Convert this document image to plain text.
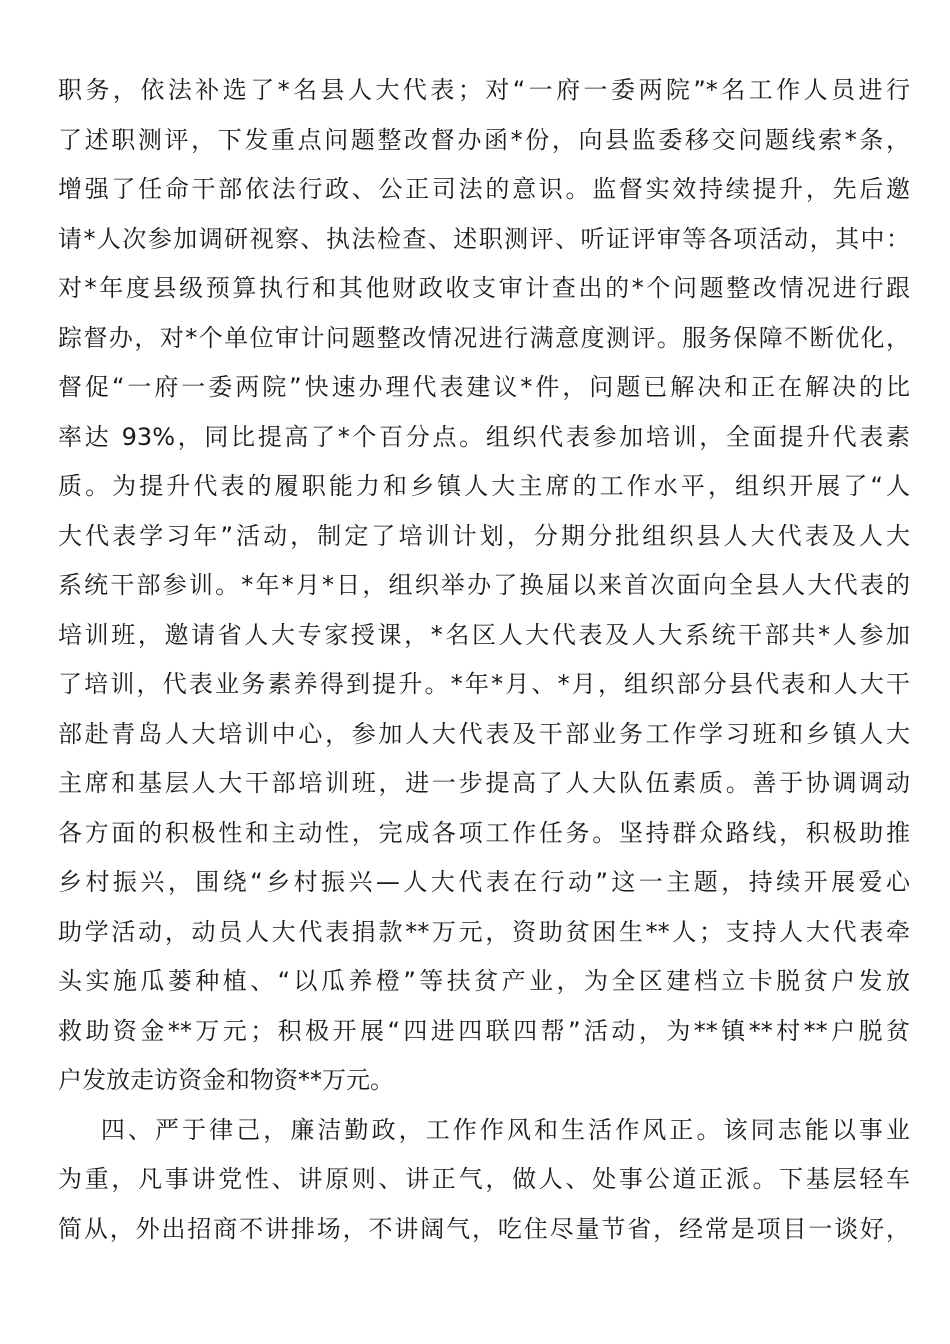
职务，依法补选了*名县人大代表；对“一府一委两院”*名工作人员进行
了述职测评，下发重点问题整改督办函*份，向县监委移交问题线索*条，
增强了任命干部依法行政、公正司法的意识。监督实效持续提升，先后邀
请*人次参加调研视察、执法检查、述职测评、听证评审等各项活动，其中：
对*年度县级预算执行和其他财政收支审计查出的*个问题整改情况进行跟
踪督办，对*个单位审计问题整改情况进行满意度测评。服务保障不断优化，
督促“一府一委两院”快速办理代表建议*件，问题已解决和正在解决的比
率达 93%，同比提高了*个百分点。组织代表参加培训，全面提升代表素
质。为提升代表的履职能力和乡镇人大主席的工作水平，组织开展了“人
大代表学习年”活动，制定了培训计划，分期分批组织县人大代表及人大
系统干部参训。*年*月*日，组织举办了换届以来首次面向全县人大代表的
培训班，邀请省人大专家授课，*名区人大代表及人大系统干部共*人参加
了培训，代表业务素养得到提升。*年*月、*月，组织部分县代表和人大干
部赴青岛人大培训中心，参加人大代表及干部业务工作学习班和乡镇人大
主席和基层人大干部培训班，进一步提高了人大队伍素质。善于协调调动
各方面的积极性和主动性，完成各项工作任务。坚持群众路线，积极助推
乡村振兴，围绕“乡村振兴—人大代表在行动”这一主题，持续开展爱心
助学活动，动员人大代表捐款**万元，资助贫困生**人；支持人大代表牵
头实施瓜蒌种植、“以瓜养橙”等扶贫产业，为全区建档立卡脱贫户发放
救助资金**万元；积极开展“四进四联四帮”活动，为**镇**村**户脱贫
户发放走访资金和物资**万元。
四、严于律己，廉洁勤政，工作作风和生活作风正。该同志能以事业
为重，凡事讲党性、讲原则、讲正气，做人、处事公道正派。下基层轻车
简从，外出招商不讲排场，不讲阔气，吃住尽量节省，经常是项目一谈好，
